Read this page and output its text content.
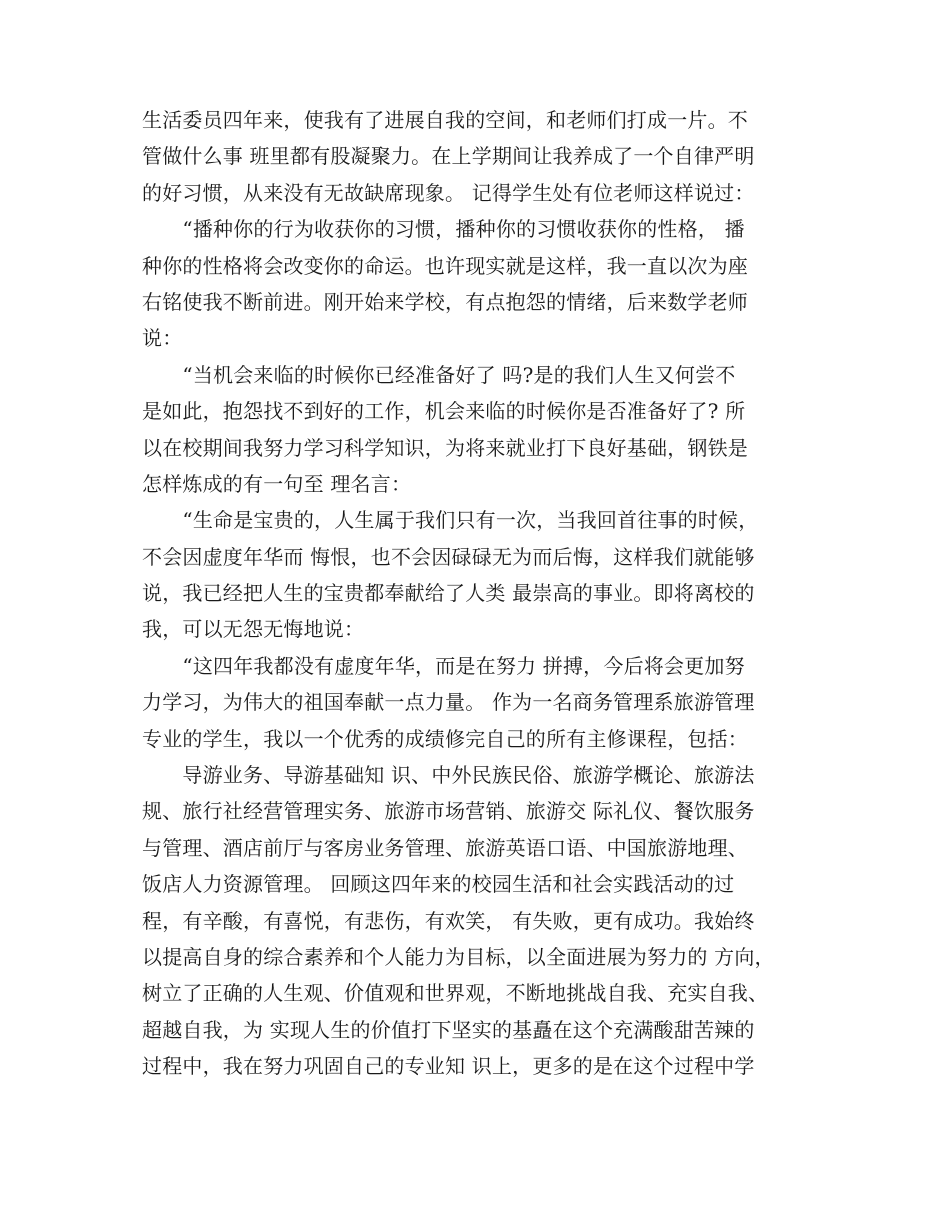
生活委员四年来，使我有了进展自我的空间，和老师们打成一片。不
管做什么事 班里都有股凝聚力。在上学期间让我养成了一个自律严明
的好习惯，从来没有无故缺席现象。 记得学生处有位老师这样说过：
　　“播种你的行为收获你的习惯，播种你的习惯收获你的性格， 播
种你的性格将会改变你的命运。也许现实就是这样，我一直以次为座
右铭使我不断前进。刚开始来学校，有点抱怨的情绪，后来数学老师
说：
　　“当机会来临的时候你已经准备好了 吗?是的我们人生又何尝不
是如此，抱怨找不到好的工作，机会来临的时候你是否准备好了? 所
以在校期间我努力学习科学知识，为将来就业打下良好基础，钢铁是
怎样炼成的有一句至 理名言：
　　“生命是宝贵的，人生属于我们只有一次，当我回首往事的时候，
不会因虚度年华而 悔恨，也不会因碌碌无为而后悔，这样我们就能够
说，我已经把人生的宝贵都奉献给了人类 最崇高的事业。即将离校的
我，可以无怨无悔地说：
　　“这四年我都没有虚度年华，而是在努力 拼搏，今后将会更加努
力学习，为伟大的祖国奉献一点力量。 作为一名商务管理系旅游管理
专业的学生，我以一个优秀的成绩修完自己的所有主修课程，包括：
　　导游业务、导游基础知 识、中外民族民俗、旅游学概论、旅游法
规、旅行社经营管理实务、旅游市场营销、旅游交 际礼仪、餐饮服务
与管理、酒店前厅与客房业务管理、旅游英语口语、中国旅游地理、
饭店人力资源管理。 回顾这四年来的校园生活和社会实践活动的过
程，有辛酸，有喜悦，有悲伤，有欢笑， 有失败，更有成功。我始终
以提高自身的综合素养和个人能力为目标，以全面进展为努力的 方向，
树立了正确的人生观、价值观和世界观，不断地挑战自我、充实自我、
超越自我，为 实现人生的价值打下坚实的基矗在这个充满酸甜苦辣的
过程中，我在努力巩固自己的专业知 识上，更多的是在这个过程中学
